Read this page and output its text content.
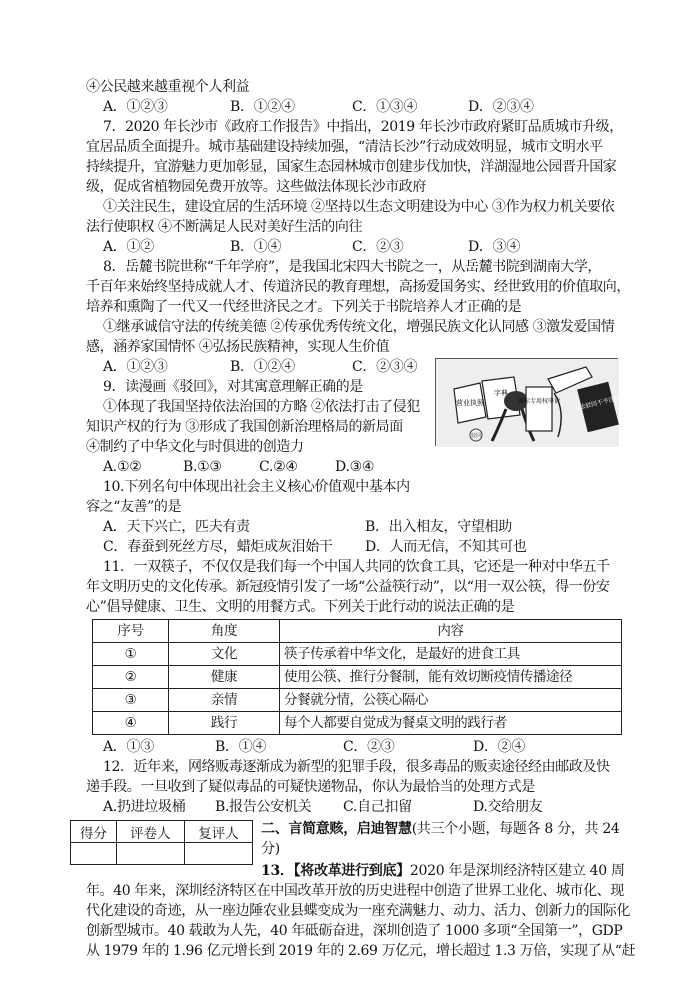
④公民越来越重视个人利益
A．①②③	B．①②④	C．①③④	D．②③④
7．2020 年长沙市《政府工作报告》中指出，2019 年长沙市政府紧盯品质城市升级，
宜居品质全面提升。城市基础建设持续加强，“清洁长沙”行动成效明显，城市文明水平
持续提升，宜游魅力更加彰显，国家生态园林城市创建步伐加快，洋湖湿地公园晋升国家
级，促成省植物园免费开放等。这些做法体现长沙市政府
①关注民生，建设宜居的生活环境 ②坚持以生态文明建设为中心 ③作为权力机关要依
法行使职权 ④不断满足人民对美好生活的向往
A．①②	B．①④	C．②③	D．③④
8．岳麓书院世称“千年学府”，是我国北宋四大书院之一，从岳麓书院到湖南大学，
千百年来始终坚持成就人才、传道济民的教育理想，高扬爱国务实、经世致用的价值取向，
培养和熏陶了一代又一代经世济民之才。下列关于书院培养人才正确的是
①继承诚信守法的传统美德 ②传承优秀传统文化，增强民族文化认同感 ③激发爱国情
感，涵养家国情怀 ④弘扬民族精神，实现人生价值
A．①②③	B．①②④	C．②③④
9．读漫画《驳回》，对其寓意理解正确的是
①体现了我国坚持依法治国的方略 ②依法打击了侵犯
知识产权的行为 ③形成了我国创新治理格局的新局面
④制约了中华文化与时俱进的创造力
A.①②	B.①③	C.②④	D.③④
营业执照
字典
商标专用权申请 依法驳回不予注册
驳回
10.下列名句中体现出社会主义核心价值观中基本内
容之“友善”的是
A．天下兴亡，匹夫有责	B．出入相友，守望相助
C．春蚕到死丝方尽，蜡炬成灰泪始干 D．人而无信，不知其可也
11．一双筷子，不仅仅是我们每一个中国人共同的饮食工具，它还是一种对中华五千
年文明历史的文化传承。新冠疫情引发了一场“公益筷行动”，以“用一双公筷，得一份安
心”倡导健康、卫生、文明的用餐方式。下列关于此行动的说法正确的是
序号	角度	内容
①	文化	筷子传承着中华文化，是最好的进食工具
②	健康	使用公筷、推行分餐制，能有效切断疫情传播途径
③	亲情	分餐就分情，公筷心隔心
④	践行	每个人都要自觉成为餐桌文明的践行者
A．①③	B．①④	C．②③	D．②④
12．近年来，网络贩毒逐渐成为新型的犯罪手段，很多毒品的贩卖途径经由邮政及快
递手段。一旦收到了疑似毒品的可疑快递物品，你认为最恰当的处理方式是
A.扔进垃圾桶 B.报告公安机关 C.自己扣留	D.交给朋友
得分	评卷人	复评人
		二、言简意赅，启迪智慧(共三个小题，每题各 8 分，共 24
分)
13．【将改革进行到底】2020 年是深圳经济特区建立 40 周
年。40 年来，深圳经济特区在中国改革开放的历史进程中创造了世界工业化、城市化、现
代化建设的奇迹，从一座边陲农业县蝶变成为一座充满魅力、动力、活力、创新力的国际化
创新型城市。40 载敢为人先，40 年砥砺奋进，深圳创造了 1000 多项“全国第一”，GDP
从 1979 年的 1.96 亿元增长到 2019 年的 2.69 万亿元，增长超过 1.3 万倍，实现了从“赶
